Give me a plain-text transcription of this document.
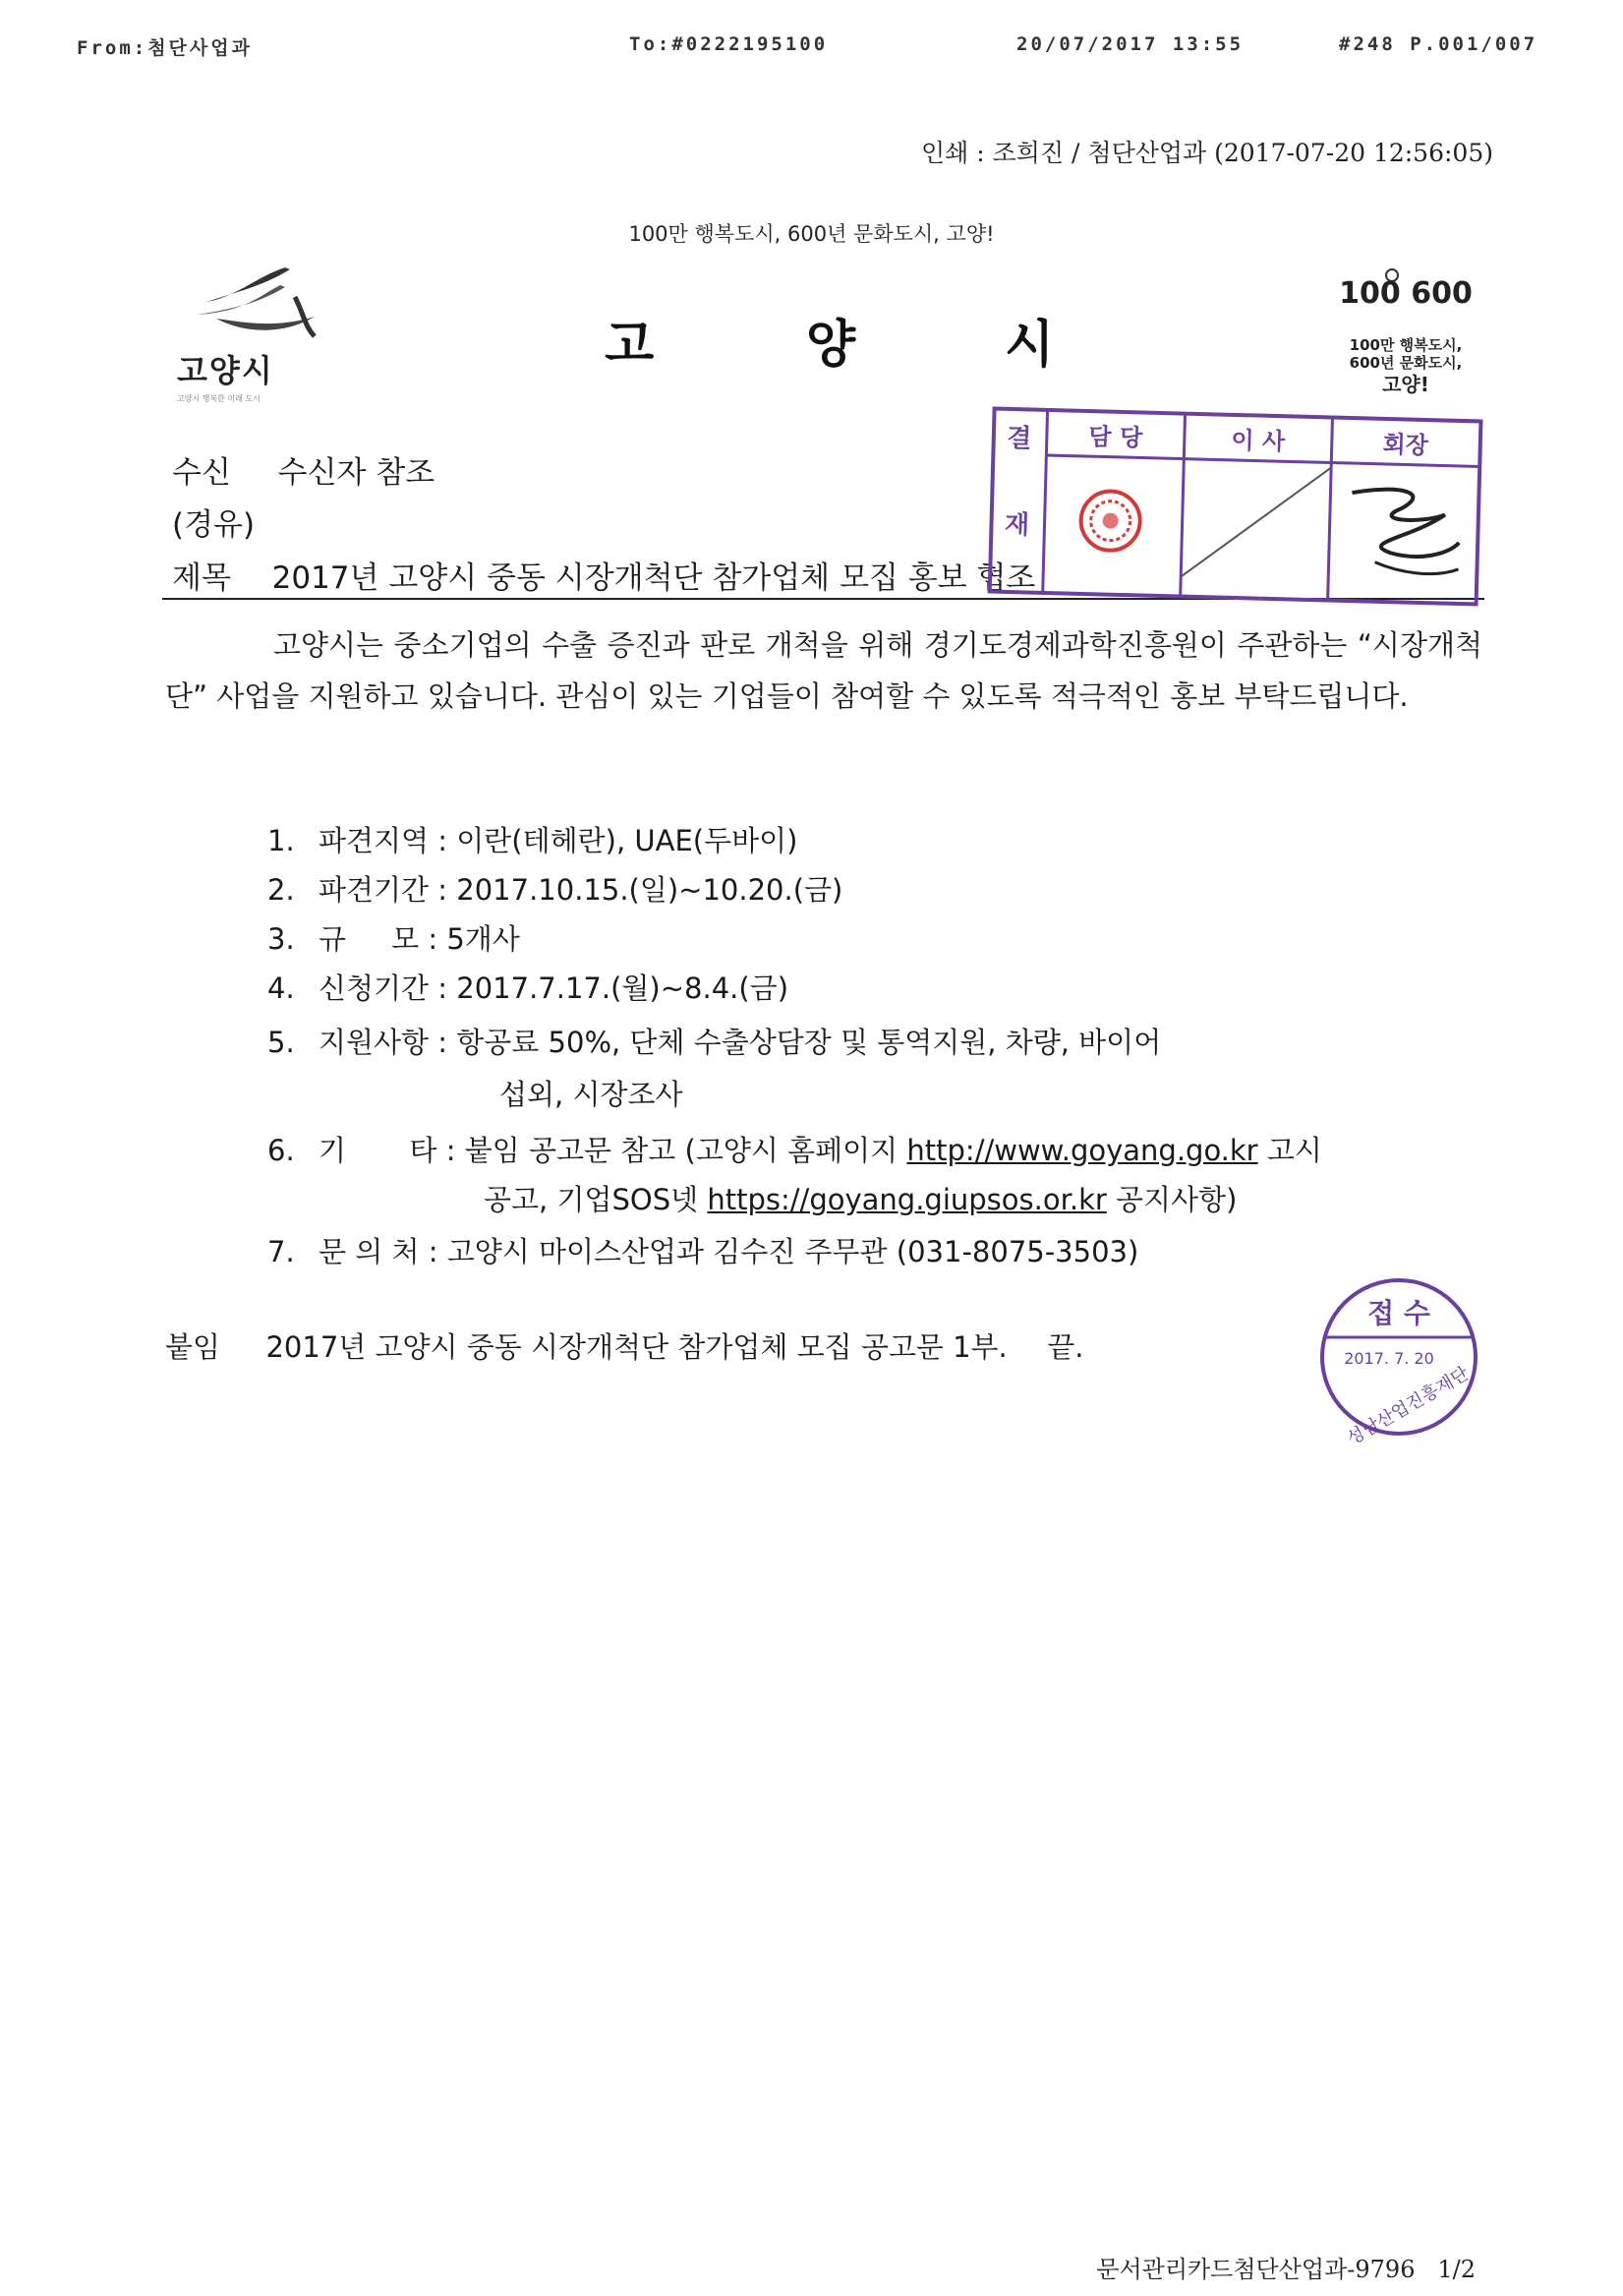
From:첨단사업과	To:#0222195100	20/07/2017 13:55	#248 P.001/007
인쇄 : 조희진 / 첨단산업과 (2017-07-20 12:56:05)
100만 행복도시, 600년 문화도시, 고양!
고양시
고양시 행복한 미래 도시
고	양	시
100 600
100만 행복도시,
600년 문화도시,
고양!
수신 수신자 참조
(경유)
제목 2017년 고양시 중동 시장개척단 참가업체 모집 홍보 협조
결
재
담 당	이 사	회장
고양시는 중소기업의 수출 증진과 판로 개척을 위해 경기도경제과학진흥원이 주관하는 “시장개척단” 사업을 지원하고 있습니다. 관심이 있는 기업들이 참여할 수 있도록 적극적인 홍보 부탁드립니다.
1. 파견지역 : 이란(테헤란), UAE(두바이)
2. 파견기간 : 2017.10.15.(일)~10.20.(금)
3. 규     모 : 5개사
4. 신청기간 : 2017.7.17.(월)~8.4.(금)
5. 지원사항 : 항공료 50%, 단체 수출상담장 및 통역지원, 차량, 바이어
섭외, 시장조사
6. 기       타 : 붙임 공고문 참고 (고양시 홈페이지 http://www.goyang.go.kr 고시
공고, 기업SOS넷 https://goyang.giupsos.or.kr 공지사항)
7. 문 의 처 : 고양시 마이스산업과 김수진 주무관 (031-8075-3503)
붙임 2017년 고양시 중동 시장개척단 참가업체 모집 공고문 1부. 끝.
접 수
2017. 7. 20
성남산업진흥재단
문서관리카드첨단산업과-9796   1/2
